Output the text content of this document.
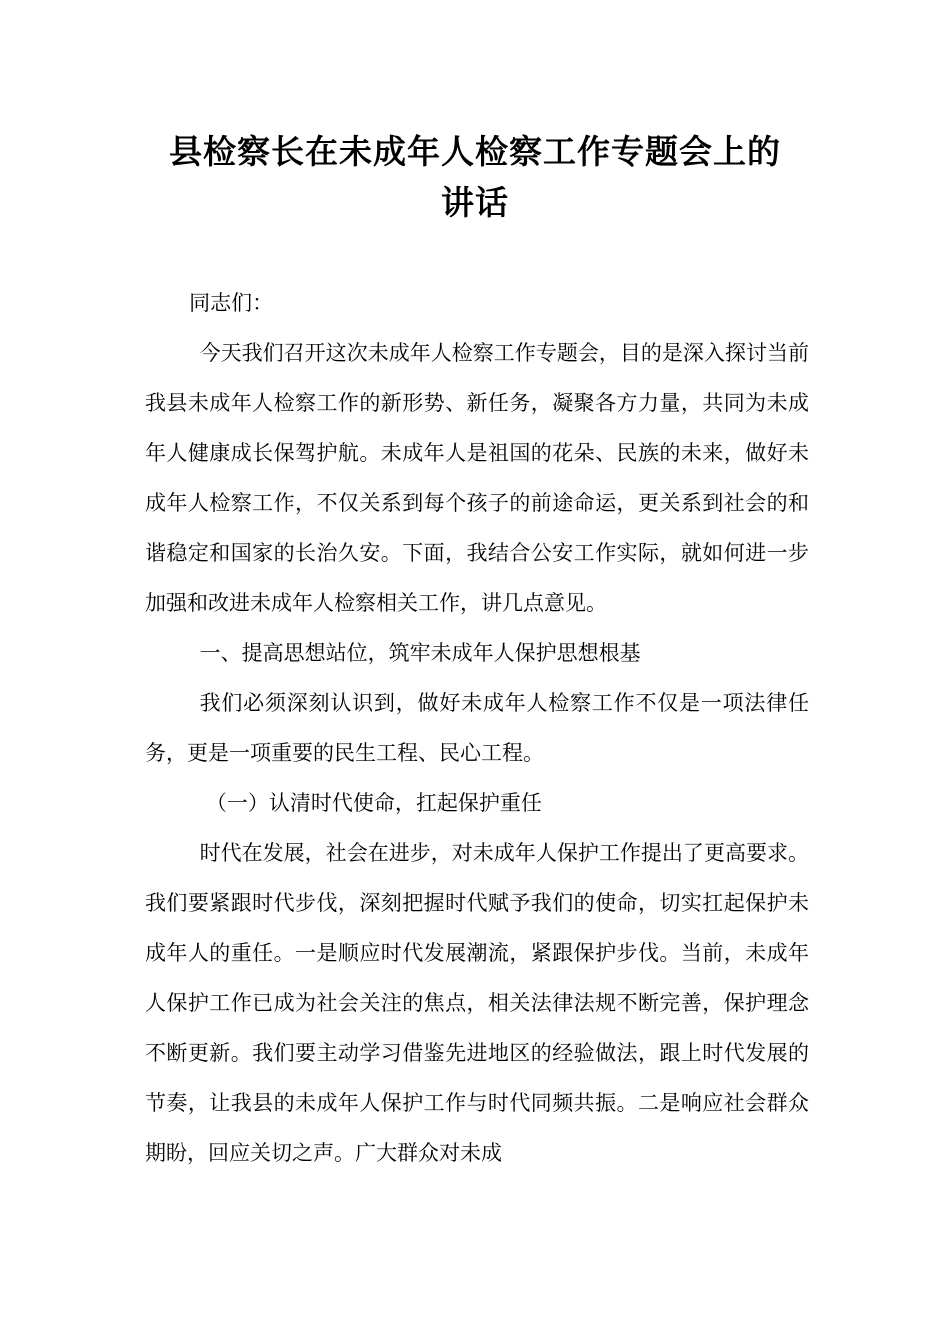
县检察长在未成年人检察工作专题会上的
讲话

同志们：

今天我们召开这次未成年人检察工作专题会，目的是深入探讨当前我县未成年人检察工作的新形势、新任务，凝聚各方力量，共同为未成年人健康成长保驾护航。未成年人是祖国的花朵、民族的未来，做好未成年人检察工作，不仅关系到每个孩子的前途命运，更关系到社会的和谐稳定和国家的长治久安。下面，我结合公安工作实际，就如何进一步加强和改进未成年人检察相关工作，讲几点意见。

一、提高思想站位，筑牢未成年人保护思想根基

我们必须深刻认识到，做好未成年人检察工作不仅是一项法律任务，更是一项重要的民生工程、民心工程。

（一）认清时代使命，扛起保护重任

时代在发展，社会在进步，对未成年人保护工作提出了更高要求。我们要紧跟时代步伐，深刻把握时代赋予我们的使命，切实扛起保护未成年人的重任。一是顺应时代发展潮流，紧跟保护步伐。当前，未成年人保护工作已成为社会关注的焦点，相关法律法规不断完善，保护理念不断更新。我们要主动学习借鉴先进地区的经验做法，跟上时代发展的节奏，让我县的未成年人保护工作与时代同频共振。二是响应社会群众期盼，回应关切之声。广大群众对未成
